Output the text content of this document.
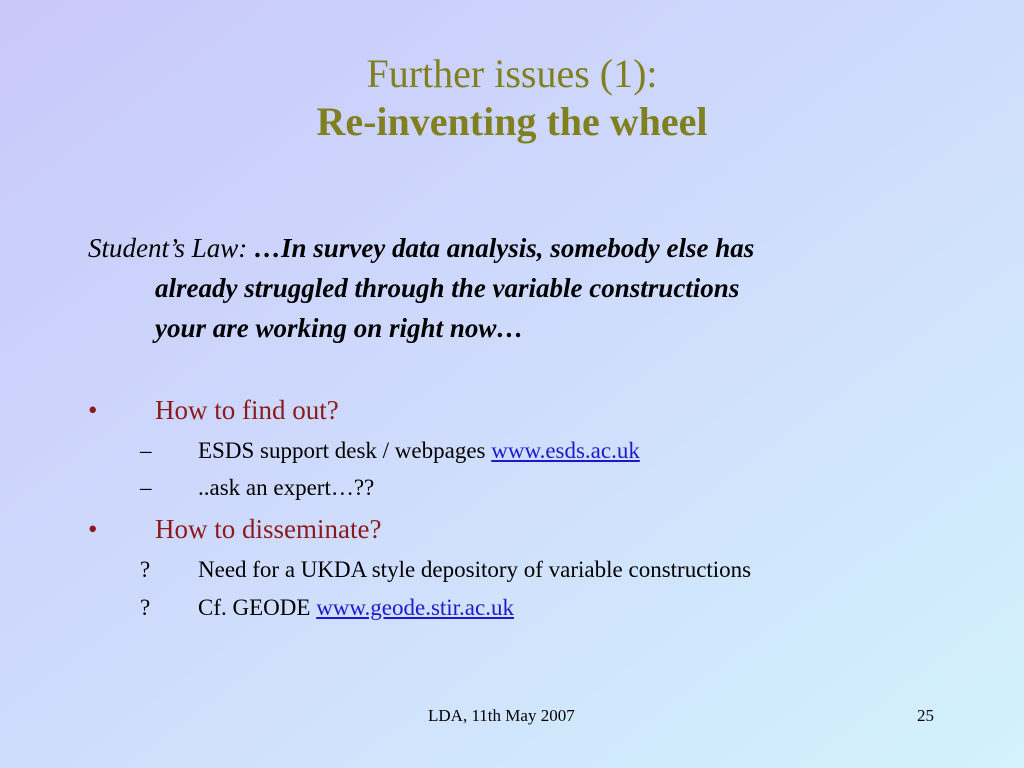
Further issues (1):
Re-inventing the wheel
Student’s Law: …In survey data analysis, somebody else has
already struggled through the variable constructions
your are working on right now…
• How to find out?
– ESDS support desk / webpages www.esds.ac.uk
– ..ask an expert…??
• How to disseminate?
? Need for a UKDA style depository of variable constructions
? Cf. GEODE www.geode.stir.ac.uk
LDA, 11th May 2007	25
